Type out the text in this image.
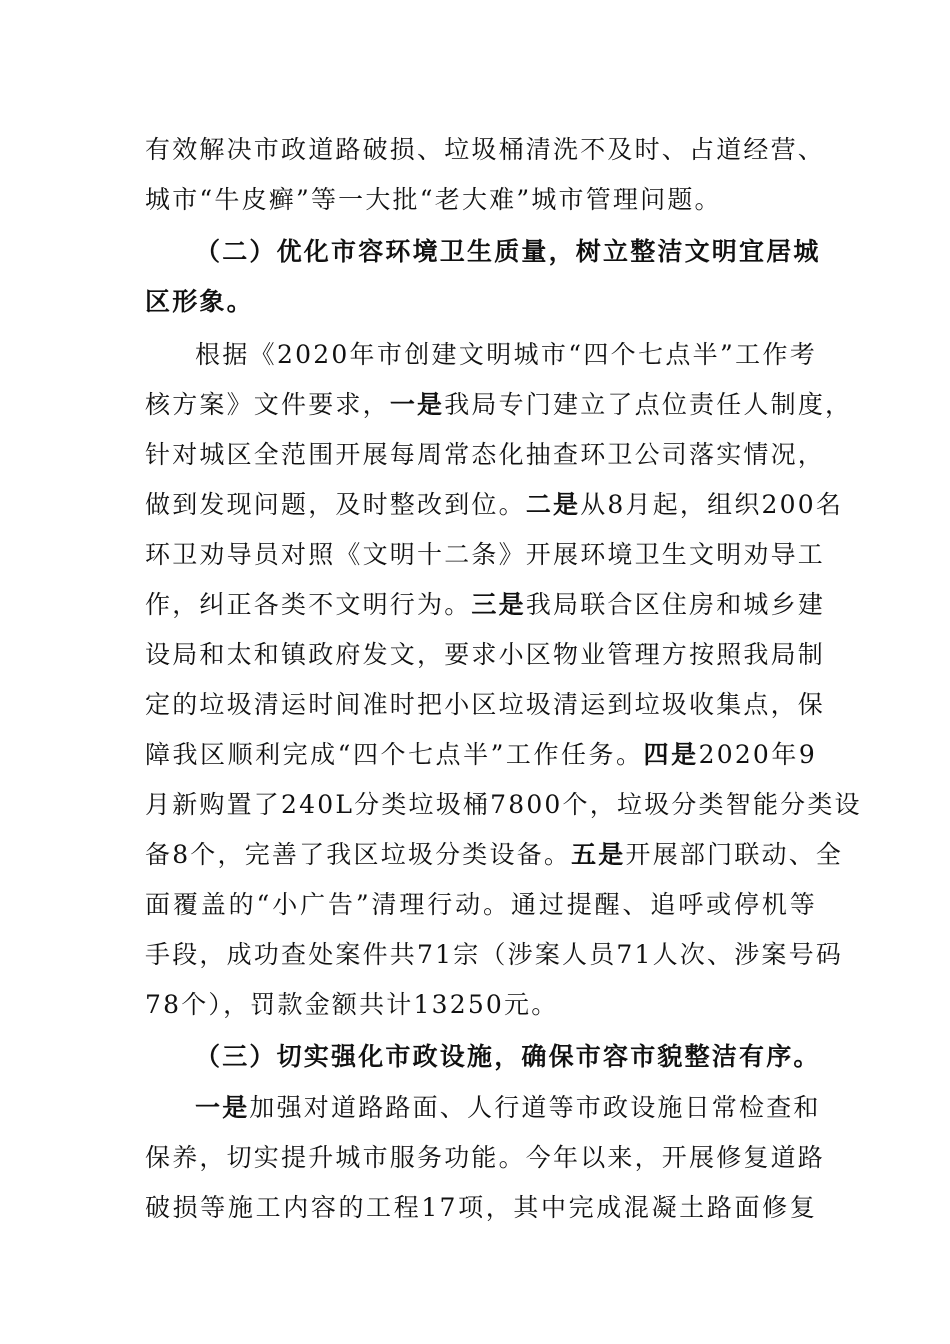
有效解决市政道路破损、垃圾桶清洗不及时、占道经营、
城市“牛皮癣”等一大批“老大难”城市管理问题。
（二）优化市容环境卫生质量，树立整洁文明宜居城
区形象。
根据《2020年市创建文明城市“四个七点半”工作考
核方案》文件要求，一是我局专门建立了点位责任人制度，
针对城区全范围开展每周常态化抽查环卫公司落实情况，
做到发现问题，及时整改到位。二是从8月起，组织200名
环卫劝导员对照《文明十二条》开展环境卫生文明劝导工
作，纠正各类不文明行为。三是我局联合区住房和城乡建
设局和太和镇政府发文，要求小区物业管理方按照我局制
定的垃圾清运时间准时把小区垃圾清运到垃圾收集点，保
障我区顺利完成“四个七点半”工作任务。四是2020年9
月新购置了240L分类垃圾桶7800个，垃圾分类智能分类设
备8个，完善了我区垃圾分类设备。五是开展部门联动、全
面覆盖的“小广告”清理行动。通过提醒、追呼或停机等
手段，成功查处案件共71宗（涉案人员71人次、涉案号码
78个），罚款金额共计13250元。
（三）切实强化市政设施，确保市容市貌整洁有序。
一是加强对道路路面、人行道等市政设施日常检查和
保养，切实提升城市服务功能。今年以来，开展修复道路
破损等施工内容的工程17项，其中完成混凝土路面修复
